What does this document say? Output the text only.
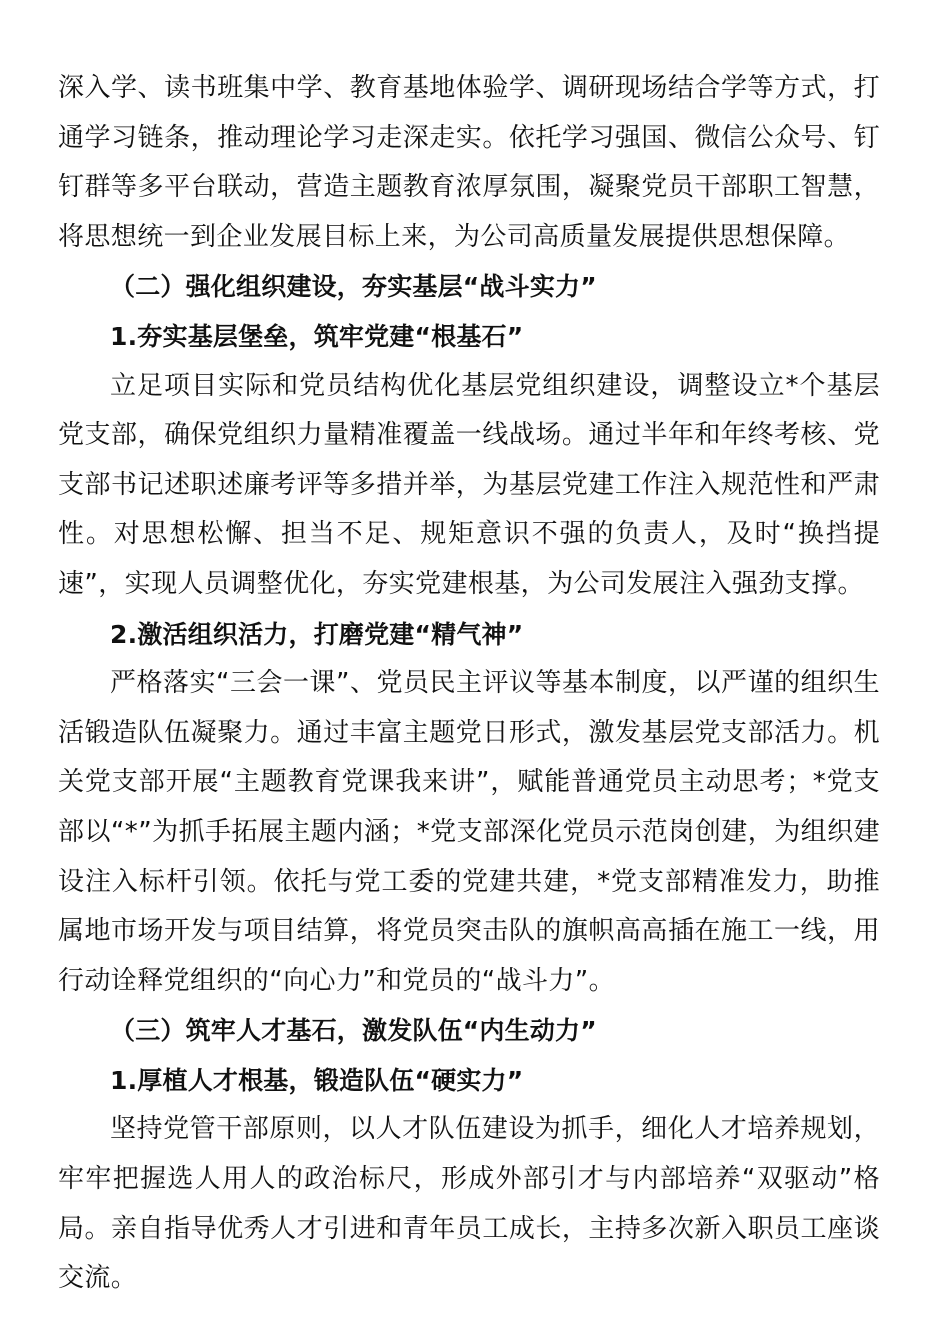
深入学、读书班集中学、教育基地体验学、调研现场结合学等方式，打通学习链条，推动理论学习走深走实。依托学习强国、微信公众号、钉钉群等多平台联动，营造主题教育浓厚氛围，凝聚党员干部职工智慧，将思想统一到企业发展目标上来，为公司高质量发展提供思想保障。

（二）强化组织建设，夯实基层“战斗实力”
1.夯实基层堡垒，筑牢党建“根基石”

立足项目实际和党员结构优化基层党组织建设，调整设立*个基层党支部，确保党组织力量精准覆盖一线战场。通过半年和年终考核、党支部书记述职述廉考评等多措并举，为基层党建工作注入规范性和严肃性。对思想松懈、担当不足、规矩意识不强的负责人，及时“换挡提速”，实现人员调整优化，夯实党建根基，为公司发展注入强劲支撑。

2.激活组织活力，打磨党建“精气神”

严格落实“三会一课”、党员民主评议等基本制度，以严谨的组织生活锻造队伍凝聚力。通过丰富主题党日形式，激发基层党支部活力。机关党支部开展“主题教育党课我来讲”，赋能普通党员主动思考；*党支部以“*”为抓手拓展主题内涵；*党支部深化党员示范岗创建，为组织建设注入标杆引领。依托与党工委的党建共建，*党支部精准发力，助推属地市场开发与项目结算，将党员突击队的旗帜高高插在施工一线，用行动诠释党组织的“向心力”和党员的“战斗力”。

（三）筑牢人才基石，激发队伍“内生动力”
1.厚植人才根基，锻造队伍“硬实力”

坚持党管干部原则，以人才队伍建设为抓手，细化人才培养规划，牢牢把握选人用人的政治标尺，形成外部引才与内部培养“双驱动”格局。亲自指导优秀人才引进和青年员工成长，主持多次新入职员工座谈交流。
